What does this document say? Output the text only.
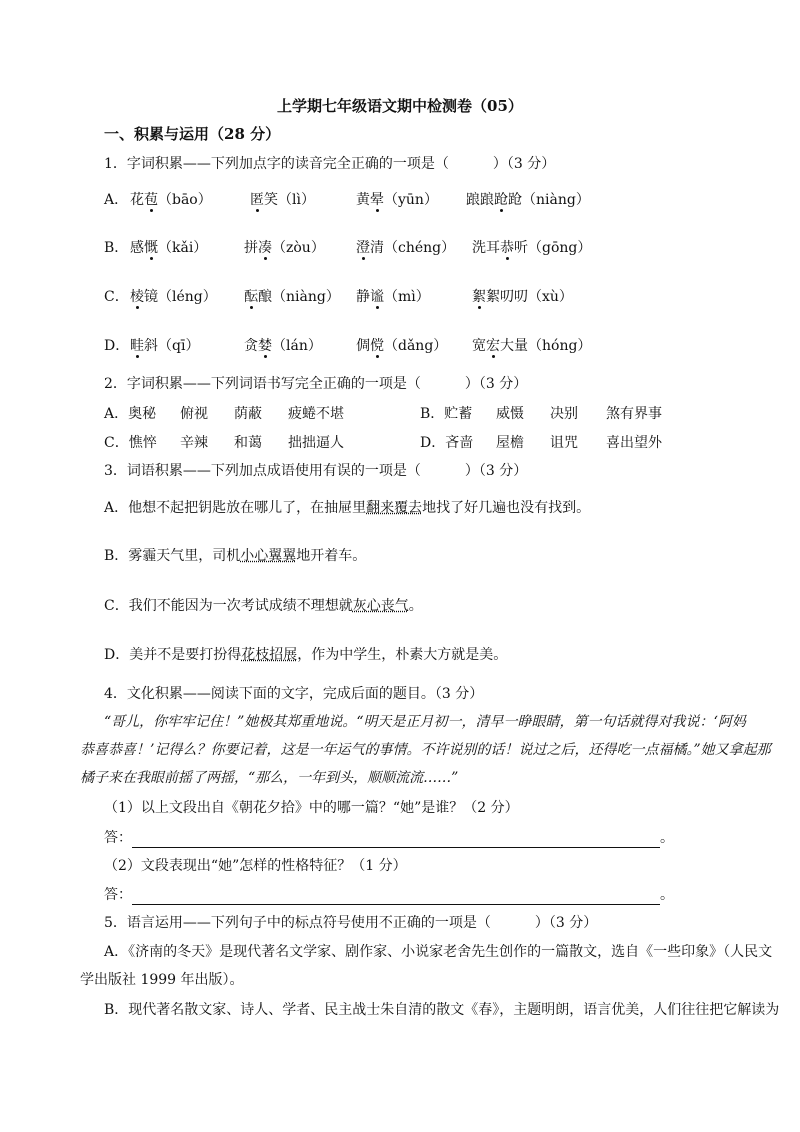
上学期七年级语文期中检测卷（05）
一、积累与运用（28 分）
1．字词积累——下列加点字的读音完全正确的一项是（	）（3 分）
A． 花苞（bāo）	匿笑（lì）	黄晕（yūn） 踉踉跄跄（niàng）
B． 感慨（kǎi）	拼凑（zòu） 澄清（chéng） 洗耳恭听（gōng）
C． 棱镜（léng） 酝酿（niàng） 静谧（mì）	絮絮叨叨（xù）
D． 畦斜（qī）	贪婪（lán） 倜傥（dǎng） 宽宏大量（hóng）
2．字词积累——下列词语书写完全正确的一项是（	）（3 分）
A．奥秘 俯视 荫蔽 疲蜷不堪	B．贮蓄 威慑 决别 煞有界事
C．憔悴 辛辣 和蔼 拙拙逼人	D．吝啬 屋檐 诅咒 喜出望外
3．词语积累——下列加点成语使用有误的一项是（	）（3 分）
A．他想不起把钥匙放在哪儿了，在抽屉里翻来覆去地找了好几遍也没有找到。
B．雾霾天气里，司机小心翼翼地开着车。
C．我们不能因为一次考试成绩不理想就灰心丧气。
D．美并不是要打扮得花枝招展，作为中学生，朴素大方就是美。
4．文化积累——阅读下面的文字，完成后面的题目。（3 分）
“哥儿，你牢牢记住！”她极其郑重地说。“明天是正月初一，清早一睁眼睛，第一句话就得对我说：‘阿妈
恭喜恭喜！’记得么？你要记着，这是一年运气的事情。不许说别的话！说过之后，还得吃一点福橘。”她又拿起那
橘子来在我眼前摇了两摇，“那么，一年到头，顺顺流流……”
（1）以上文段出自《朝花夕拾》中的哪一篇？“她”是谁？（2 分）
答：	。
（2）文段表现出“她”怎样的性格特征？（1 分）
答：	。
5．语言运用——下列句子中的标点符号使用不正确的一项是（	）（3 分）
A．《济南的冬天》是现代著名文学家、剧作家、小说家老舍先生创作的一篇散文，选自《一些印象》（人民文
学出版社 1999 年出版）。
B．现代著名散文家、诗人、学者、民主战士朱自清的散文《春》，主题明朗，语言优美，人们往往把它解读为
